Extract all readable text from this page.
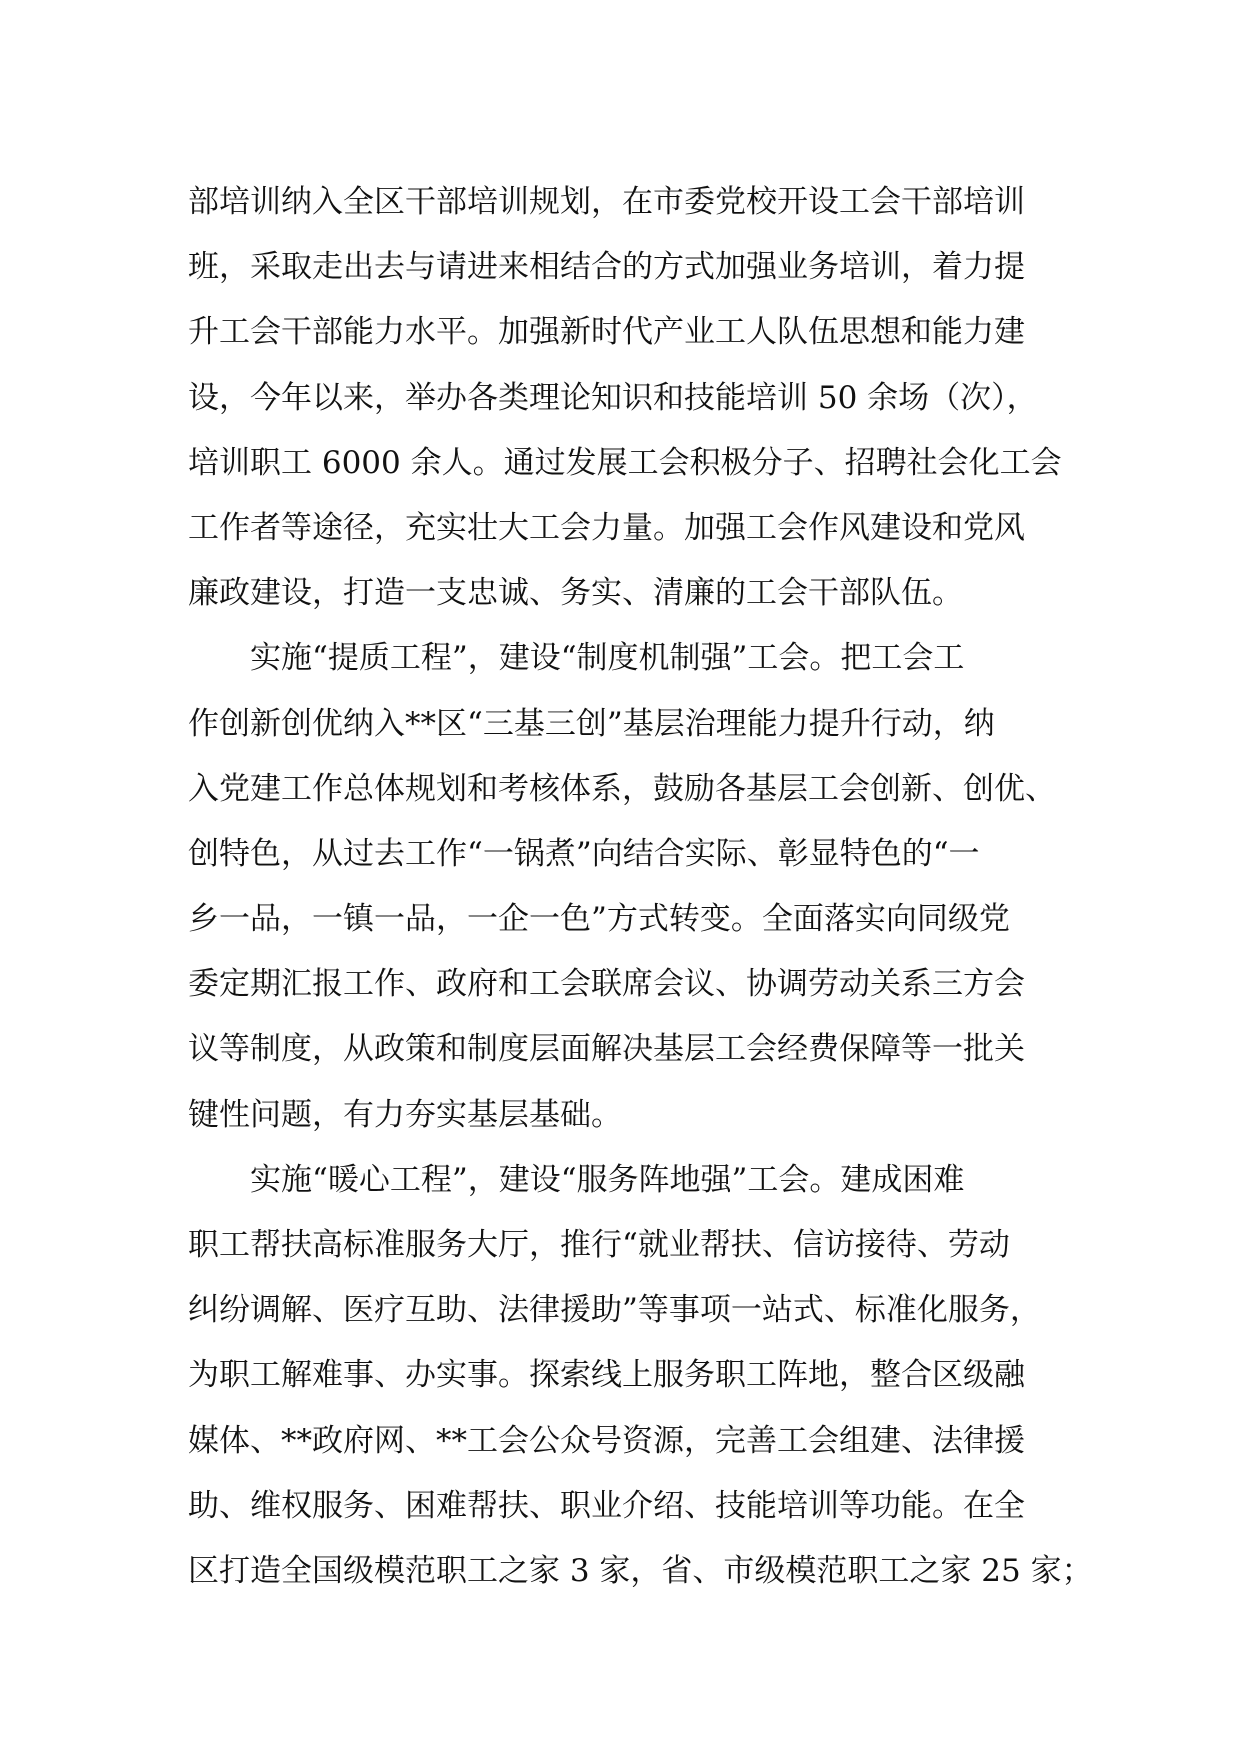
部培训纳入全区干部培训规划，在市委党校开设工会干部培训
班，采取走出去与请进来相结合的方式加强业务培训，着力提
升工会干部能力水平。加强新时代产业工人队伍思想和能力建
设，今年以来，举办各类理论知识和技能培训 50 余场（次），
培训职工 6000 余人。通过发展工会积极分子、招聘社会化工会
工作者等途径，充实壮大工会力量。加强工会作风建设和党风
廉政建设，打造一支忠诚、务实、清廉的工会干部队伍。
实施“提质工程”，建设“制度机制强”工会。把工会工
作创新创优纳入**区“三基三创”基层治理能力提升行动，纳
入党建工作总体规划和考核体系，鼓励各基层工会创新、创优、
创特色，从过去工作“一锅煮”向结合实际、彰显特色的“一
乡一品，一镇一品，一企一色”方式转变。全面落实向同级党
委定期汇报工作、政府和工会联席会议、协调劳动关系三方会
议等制度，从政策和制度层面解决基层工会经费保障等一批关
键性问题，有力夯实基层基础。
实施“暖心工程”，建设“服务阵地强”工会。建成困难
职工帮扶高标准服务大厅，推行“就业帮扶、信访接待、劳动
纠纷调解、医疗互助、法律援助”等事项一站式、标准化服务，
为职工解难事、办实事。探索线上服务职工阵地，整合区级融
媒体、**政府网、**工会公众号资源，完善工会组建、法律援
助、维权服务、困难帮扶、职业介绍、技能培训等功能。在全
区打造全国级模范职工之家 3 家，省、市级模范职工之家 25 家；
